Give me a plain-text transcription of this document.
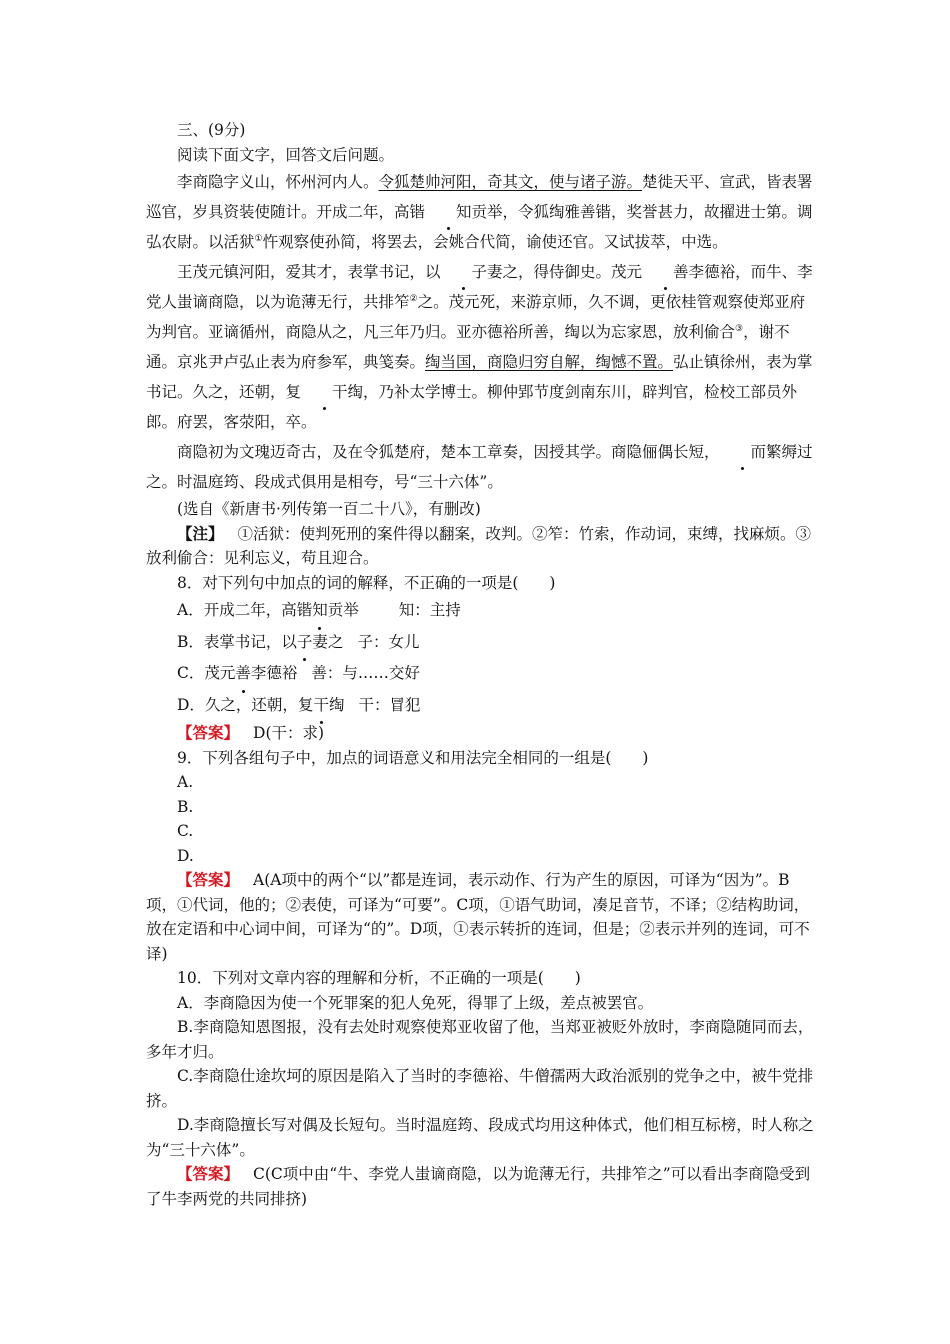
三、(9分)

阅读下面文字，回答文后问题。

李商隐字义山，怀州河内人。令狐楚帅河阳，奇其文，使与诸子游。楚徙天平、宣武，皆表署巡官，岁具资装使随计。开成二年，高锴 知贡举，令狐绹雅善锴，奖誉甚力，故擢进士第。调弘农尉。以活狱①忤观察使孙简，将罢去，会姚合代简，谕使还官。又试拔萃，中选。

王茂元镇河阳，爱其才，表掌书记，以 子妻之，得侍御史。茂元 善李德裕，而牛、李党人蚩谪商隐，以为诡薄无行，共排笮②之。茂元死，来游京师，久不调，更依桂管观察使郑亚府为判官。亚谪循州，商隐从之，凡三年乃归。亚亦德裕所善，绹以为忘家恩，放利偷合③，谢不通。京兆尹卢弘止表为府参军，典笺奏。绹当国，商隐归穷自解，绹憾不置。弘止镇徐州，表为掌书记。久之，还朝，复 干绹，乃补太学博士。柳仲郢节度剑南东川，辟判官，检校工部员外郎。府罢，客荥阳，卒。

商隐初为文瑰迈奇古，及在令狐楚府，楚本工章奏，因授其学。商隐俪偶长短， 而繁缛过之。时温庭筠、段成式俱用是相夸，号“三十六体”。

(选自《新唐书·列传第一百二十八》，有删改)

【注】 ①活狱：使判死刑的案件得以翻案，改判。②笮：竹索，作动词，束缚，找麻烦。③放利偷合：见利忘义，苟且迎合。

8．对下列句中加点的词的解释，不正确的一项是(　　)

A．开成二年，高锴知贡举	知：主持

B．表掌书记，以子妻之 子：女儿

C．茂元善李德裕 善：与……交好

D．久之，还朝，复干绹 干：冒犯

【答案】 D(干：求)

9．下列各组句子中，加点的词语意义和用法完全相同的一组是(　　)

A.

B.

C.

D.

【答案】 A(A项中的两个“以”都是连词，表示动作、行为产生的原因，可译为“因为”。B项，①代词，他的；②表使，可译为“可要”。C项，①语气助词，凑足音节，不译；②结构助词，放在定语和中心词中间，可译为“的”。D项，①表示转折的连词，但是；②表示并列的连词，可不译)

10．下列对文章内容的理解和分析，不正确的一项是(　　)

A．李商隐因为使一个死罪案的犯人免死，得罪了上级，差点被罢官。

B.李商隐知恩图报，没有去处时观察使郑亚收留了他，当郑亚被贬外放时，李商隐随同而去，多年才归。

C.李商隐仕途坎坷的原因是陷入了当时的李德裕、牛僧孺两大政治派别的党争之中，被牛党排挤。

D.李商隐擅长写对偶及长短句。当时温庭筠、段成式均用这种体式，他们相互标榜，时人称之为“三十六体”。

【答案】 C(C项中由“牛、李党人蚩谪商隐，以为诡薄无行，共排笮之”可以看出李商隐受到了牛李两党的共同排挤)
